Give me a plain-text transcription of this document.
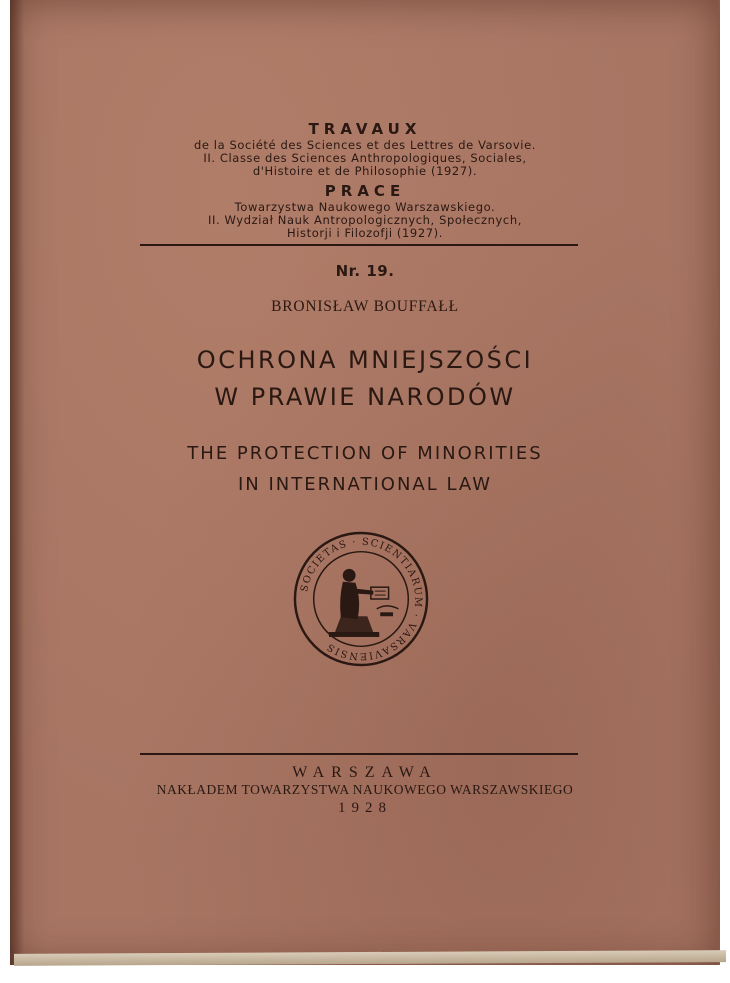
TRAVAUX
de la Société des Sciences et des Lettres de Varsovie.
II. Classe des Sciences Anthropologiques, Sociales,
d'Histoire et de Philosophie (1927).
PRACE
Towarzystwa Naukowego Warszawskiego.
II. Wydział Nauk Antropologicznych, Społecznych,
Historji i Filozofji (1927).
Nr. 19.
BRONISŁAW BOUFFAŁŁ
OCHRONA MNIEJSZOŚCI
W PRAWIE NARODÓW
THE PROTECTION OF MINORITIES
IN INTERNATIONAL LAW
SOCIETAS · SCIENTIARUM · VARSAVIENSIS
WARSZAWA
NAKŁADEM TOWARZYSTWA NAUKOWEGO WARSZAWSKIEGO
1928
